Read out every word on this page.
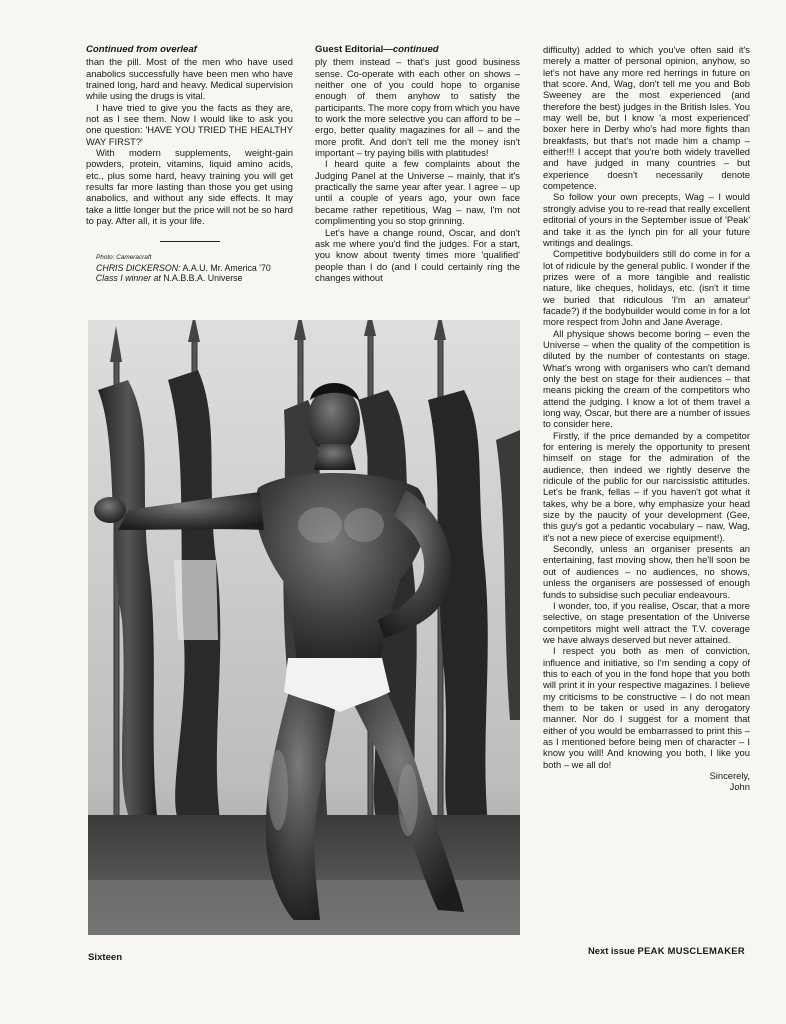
Continued from overleaf

than the pill. Most of the men who have used anabolics successfully have been men who have trained long, hard and heavy. Medical supervision while using the drugs is vital.

I have tried to give you the facts as they are, not as I see them. Now I would like to ask you one question: 'HAVE YOU TRIED THE HEALTHY WAY FIRST?'

With modern supplements, weight-gain powders, protein, vitamins, liquid amino acids, etc., plus some hard, heavy training you will get results far more lasting than those you get using anabolics, and without any side effects. It may take a little longer but the price will not be so hard to pay. After all, it is your life.

Photo: Cameracraft

CHRIS DICKERSON: A.A.U. Mr. America '70
Class I winner at N.A.B.B.A. Universe

Guest Editorial—continued

ply them instead – that's just good business sense. Co-operate with each other on shows – neither one of you could hope to organise enough of them anyhow to satisfy the participants. The more copy from which you have to work the more selective you can afford to be – ergo, better quality magazines for all – and the more profit. And don't tell me the money isn't important – try paying bills with platitudes!

I heard quite a few complaints about the Judging Panel at the Universe – mainly, that it's practically the same year after year. I agree – up until a couple of years ago, your own face became rather repetitious, Wag – naw, I'm not complimenting you so stop grinning.

Let's have a change round, Oscar, and don't ask me where you'd find the judges. For a start, you know about twenty times more 'qualified' people than I do (and I could certainly ring the changes without

difficulty) added to which you've often said it's merely a matter of personal opinion, anyhow, so let's not have any more red herrings in future on that score. And, Wag, don't tell me you and Bob Sweeney are the most experienced (and therefore the best) judges in the British Isles. You may well be, but I know 'a most experienced' boxer here in Derby who's had more fights than breakfasts, but that's not made him a champ – either!!! I accept that you're both widely travelled and have judged in many countries – but experience doesn't necessarily denote competence.

So follow your own precepts, Wag – I would strongly advise you to re-read that really excellent editorial of yours in the September issue of 'Peak' and take it as the lynch pin for all your future writings and dealings.

Competitive bodybuilders still do come in for a lot of ridicule by the general public. I wonder if the prizes were of a more tangible and realistic nature, like cheques, holidays, etc. (isn't it time we buried that ridiculous 'I'm an amateur' facade?) if the bodybuilder would come in for a lot more respect from John and Jane Average.

All physique shows become boring – even the Universe – when the quality of the competition is diluted by the number of contestants on stage. What's wrong with organisers who can't demand only the best on stage for their audiences – that means picking the cream of the competitors who attend the judging. I know a lot of them travel a long way, Oscar, but there are a number of issues to consider here.

Firstly, if the price demanded by a competitor for entering is merely the opportunity to present himself on stage for the admiration of the audience, then indeed we rightly deserve the ridicule of the public for our narcissistic attitudes. Let's be frank, fellas – if you haven't got what it takes, why be a bore, why emphasize your head size by the paucity of your development (Gee, this guy's got a pedantic vocabulary – naw, Wag, it's not a new piece of exercise equipment!).

Secondly, unless an organiser presents an entertaining, fast moving show, then he'll soon be out of audiences – no audiences, no shows, unless the organisers are possessed of enough funds to subsidise such peculiar endeavours.

I wonder, too, if you realise, Oscar, that a more selective, on stage presentation of the Universe competitors might well attract the T.V. coverage we have always deserved but never attained.

I respect you both as men of conviction, influence and initiative, so I'm sending a copy of this to each of you in the fond hope that you both will print it in your respective magazines. I believe my criticisms to be constructive – I do not mean them to be taken or used in any derogatory manner. Nor do I suggest for a moment that either of you would be embarrassed to print this – as I mentioned before being men of character – I know you will! And knowing you both, I like you both – we all do!

Sincerely,

John

Sixteen
Next issue PEAK MUSCLEMAKER
